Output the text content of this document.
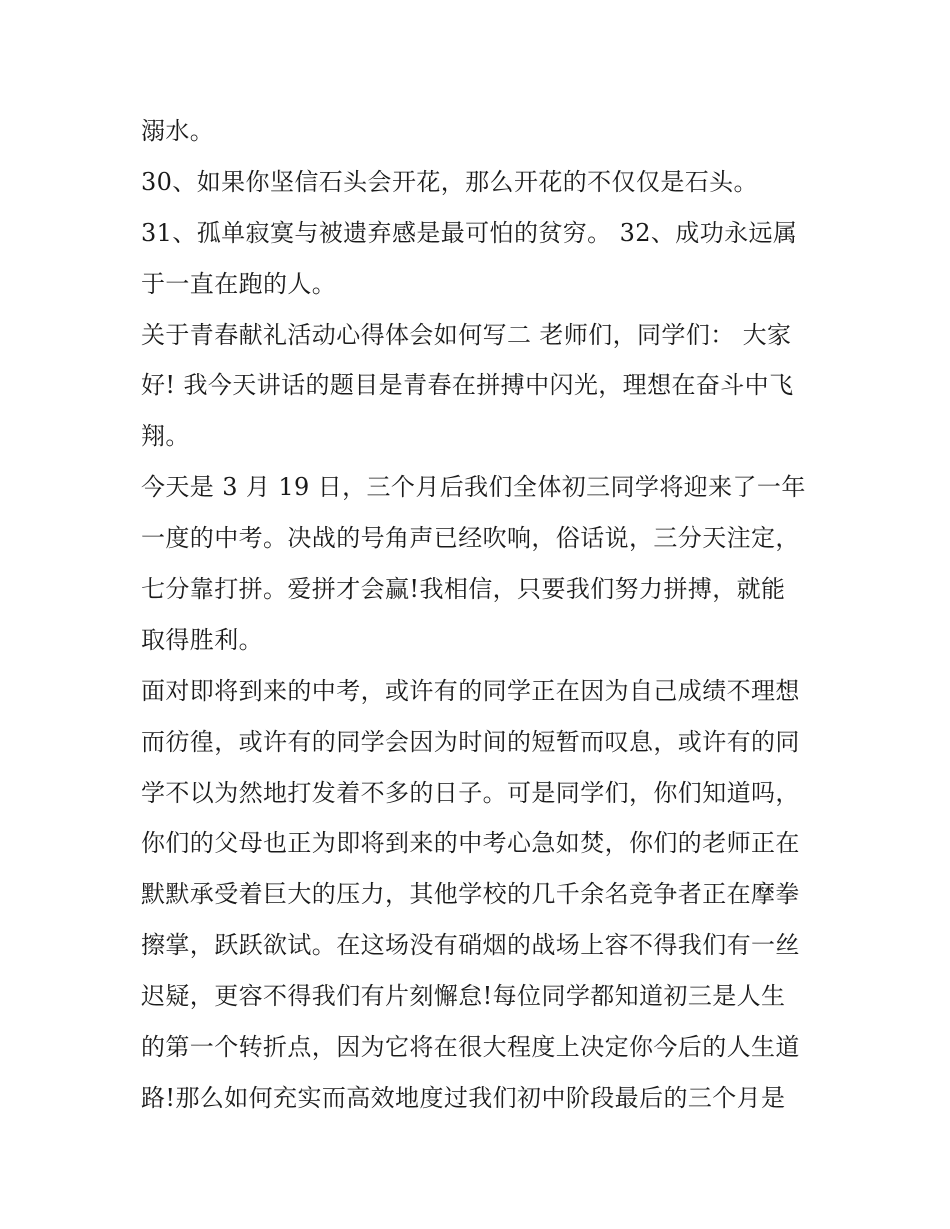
溺水。
30、如果你坚信石头会开花，那么开花的不仅仅是石头。
31、孤单寂寞与被遗弃感是最可怕的贫穷。 32、成功永远属
于一直在跑的人。
关于青春献礼活动心得体会如何写二 老师们，同学们： 大家
好! 我今天讲话的题目是青春在拼搏中闪光，理想在奋斗中飞
翔。
今天是 3 月 19 日，三个月后我们全体初三同学将迎来了一年
一度的中考。决战的号角声已经吹响，俗话说，三分天注定，
七分靠打拼。爱拼才会赢!我相信，只要我们努力拼搏，就能
取得胜利。
面对即将到来的中考，或许有的同学正在因为自己成绩不理想
而彷徨，或许有的同学会因为时间的短暂而叹息，或许有的同
学不以为然地打发着不多的日子。可是同学们，你们知道吗，
你们的父母也正为即将到来的中考心急如焚，你们的老师正在
默默承受着巨大的压力，其他学校的几千余名竞争者正在摩拳
擦掌，跃跃欲试。在这场没有硝烟的战场上容不得我们有一丝
迟疑，更容不得我们有片刻懈怠!每位同学都知道初三是人生
的第一个转折点，因为它将在很大程度上决定你今后的人生道
路!那么如何充实而高效地度过我们初中阶段最后的三个月是
